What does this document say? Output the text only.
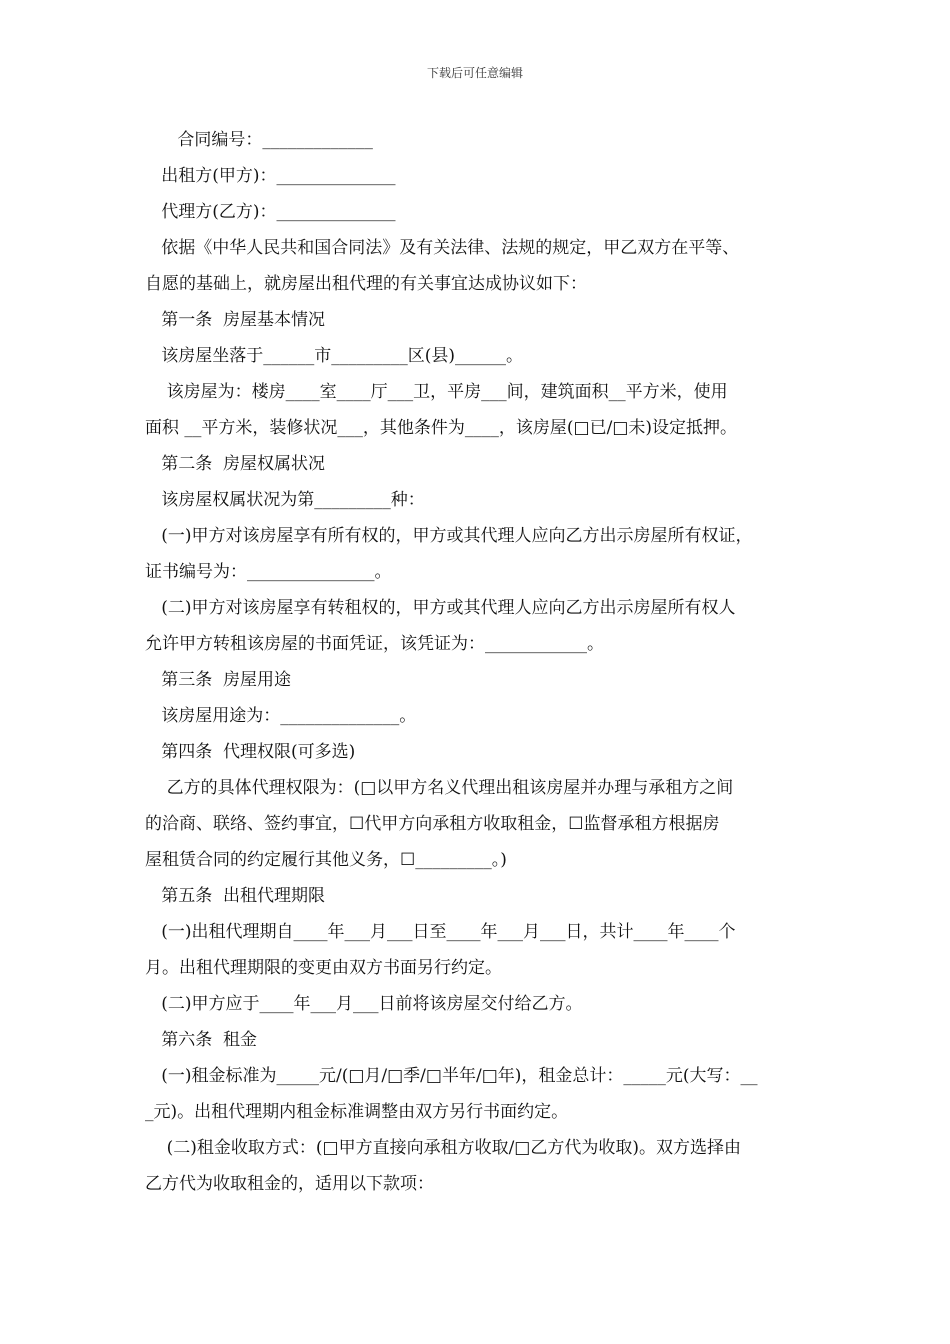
下载后可任意编辑
合同编号：_____________
出租方(甲方)：______________
代理方(乙方)：______________
依据《中华人民共和国合同法》及有关法律、法规的规定，甲乙双方在平等、
自愿的基础上，就房屋出租代理的有关事宜达成协议如下：
第一条  房屋基本情况
该房屋坐落于______市_________区(县)______。
该房屋为：楼房____室____厅___卫，平房___间，建筑面积__平方米，使用
面积 __平方米，装修状况___，其他条件为____，该房屋(□已/□未)设定抵押。
第二条  房屋权属状况
该房屋权属状况为第_________种：
(一)甲方对该房屋享有所有权的，甲方或其代理人应向乙方出示房屋所有权证，
证书编号为：_______________。
(二)甲方对该房屋享有转租权的，甲方或其代理人应向乙方出示房屋所有权人
允许甲方转租该房屋的书面凭证，该凭证为：____________。
第三条  房屋用途
该房屋用途为：______________。
第四条  代理权限(可多选)
乙方的具体代理权限为：(□以甲方名义代理出租该房屋并办理与承租方之间
的洽商、联络、签约事宜，☐代甲方向承租方收取租金，☐监督承租方根据房
屋租赁合同的约定履行其他义务，☐_________。)
第五条  出租代理期限
(一)出租代理期自____年___月___日至____年___月___日，共计____年____个
月。出租代理期限的变更由双方书面另行约定。
(二)甲方应于____年___月___日前将该房屋交付给乙方。
第六条  租金
(一)租金标准为_____元/(□月/□季/□半年/□年)，租金总计：_____元(大写：__
_元)。出租代理期内租金标准调整由双方另行书面约定。
(二)租金收取方式：(□甲方直接向承租方收取/□乙方代为收取)。双方选择由
乙方代为收取租金的，适用以下款项：
